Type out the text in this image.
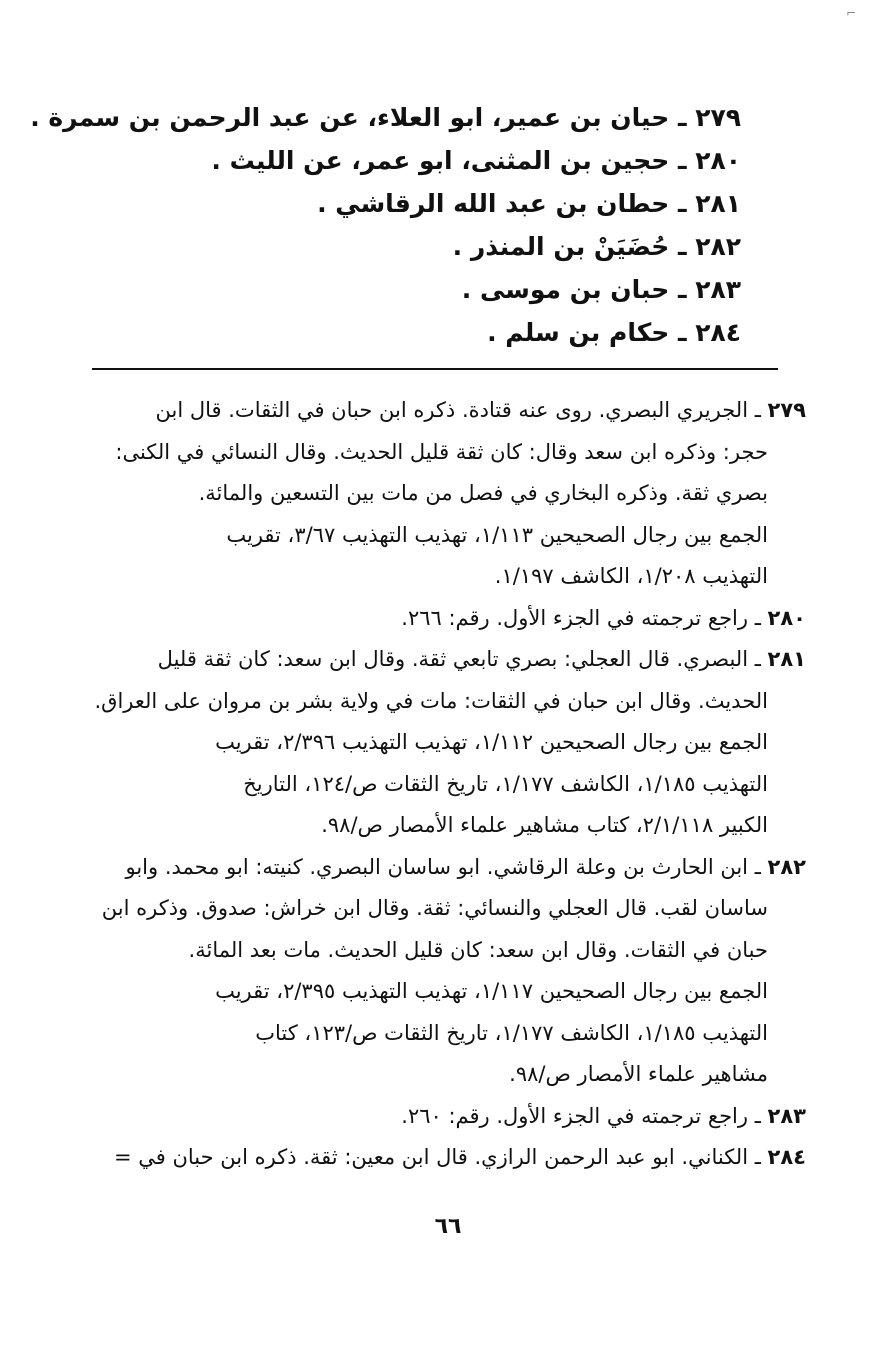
⌐
٢٧٩ ـ حيان بن عمير، ابو العلاء، عن عبد الرحمن بن سمرة .
٢٨٠ ـ حجين بن المثنى، ابو عمر، عن الليث .
٢٨١ ـ حطان بن عبد الله الرقاشي .
٢٨٢ ـ حُضَيَنْ بن المنذر .
٢٨٣ ـ حبان بن موسى .
٢٨٤ ـ حكام بن سلم .
٢٧٩ ـ الجريري البصري. روى عنه قتادة. ذكره ابن حبان في الثقات. قال ابن
حجر: وذكره ابن سعد وقال: كان ثقة قليل الحديث. وقال النسائي في الكنى:
بصري ثقة. وذكره البخاري في فصل من مات بين التسعين والمائة.
الجمع بين رجال الصحيحين ١/١١٣، تهذيب التهذيب ٣/٦٧، تقريب
التهذيب ١/٢٠٨، الكاشف ١/١٩٧.
٢٨٠ ـ راجع ترجمته في الجزء الأول. رقم: ٢٦٦.
٢٨١ ـ البصري. قال العجلي: بصري تابعي ثقة. وقال ابن سعد: كان ثقة قليل
الحديث. وقال ابن حبان في الثقات: مات في ولاية بشر بن مروان على العراق.
الجمع بين رجال الصحيحين ١/١١٢، تهذيب التهذيب ٢/٣٩٦، تقريب
التهذيب ١/١٨٥، الكاشف ١/١٧٧، تاريخ الثقات ص/١٢٤، التاريخ
الكبير ٢/١/١١٨، كتاب مشاهير علماء الأمصار ص/٩٨.
٢٨٢ ـ ابن الحارث بن وعلة الرقاشي. ابو ساسان البصري. كنيته: ابو محمد. وابو
ساسان لقب. قال العجلي والنسائي: ثقة. وقال ابن خراش: صدوق. وذكره ابن
حبان في الثقات. وقال ابن سعد: كان قليل الحديث. مات بعد المائة.
الجمع بين رجال الصحيحين ١/١١٧، تهذيب التهذيب ٢/٣٩٥، تقريب
التهذيب ١/١٨٥، الكاشف ١/١٧٧، تاريخ الثقات ص/١٢٣، كتاب
مشاهير علماء الأمصار ص/٩٨.
٢٨٣ ـ راجع ترجمته في الجزء الأول. رقم: ٢٦٠.
٢٨٤ ـ الكناني. ابو عبد الرحمن الرازي. قال ابن معين: ثقة. ذكره ابن حبان في =
٦٦
